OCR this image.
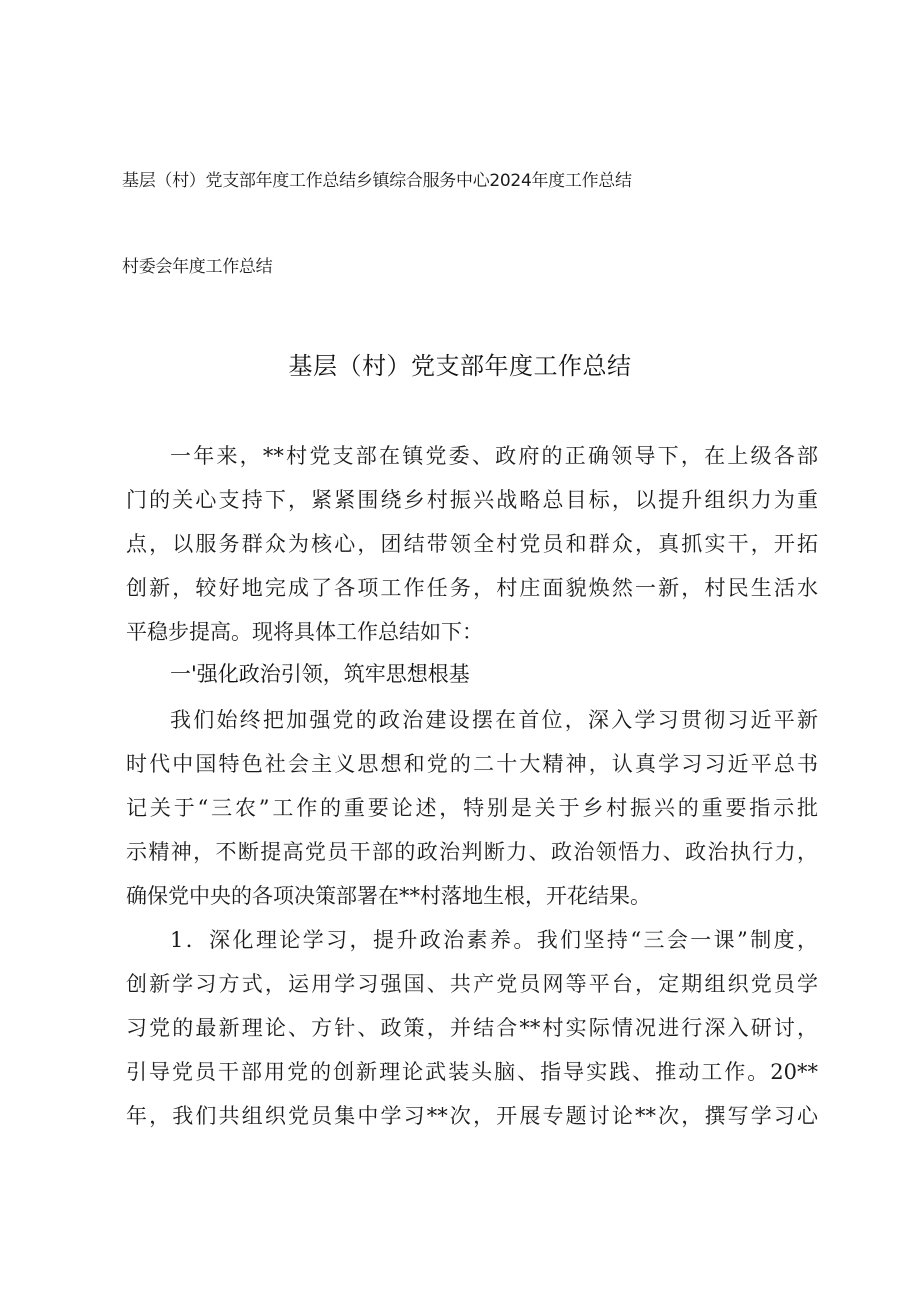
基层（村）党支部年度工作总结乡镇综合服务中心2024年度工作总结
村委会年度工作总结
基层（村）党支部年度工作总结
一年来，**村党支部在镇党委、政府的正确领导下，在上级各部
门的关心支持下，紧紧围绕乡村振兴战略总目标，以提升组织力为重
点，以服务群众为核心，团结带领全村党员和群众，真抓实干，开拓
创新，较好地完成了各项工作任务，村庄面貌焕然一新，村民生活水
平稳步提高。现将具体工作总结如下：
一'强化政治引领，筑牢思想根基
我们始终把加强党的政治建设摆在首位，深入学习贯彻习近平新
时代中国特色社会主义思想和党的二十大精神，认真学习习近平总书
记关于“三农”工作的重要论述，特别是关于乡村振兴的重要指示批
示精神，不断提高党员干部的政治判断力、政治领悟力、政治执行力，
确保党中央的各项决策部署在**村落地生根，开花结果。
1．深化理论学习，提升政治素养。我们坚持“三会一课”制度，
创新学习方式，运用学习强国、共产党员网等平台，定期组织党员学
习党的最新理论、方针、政策，并结合**村实际情况进行深入研讨，
引导党员干部用党的创新理论武装头脑、指导实践、推动工作。20**
年，我们共组织党员集中学习**次，开展专题讨论**次，撰写学习心
